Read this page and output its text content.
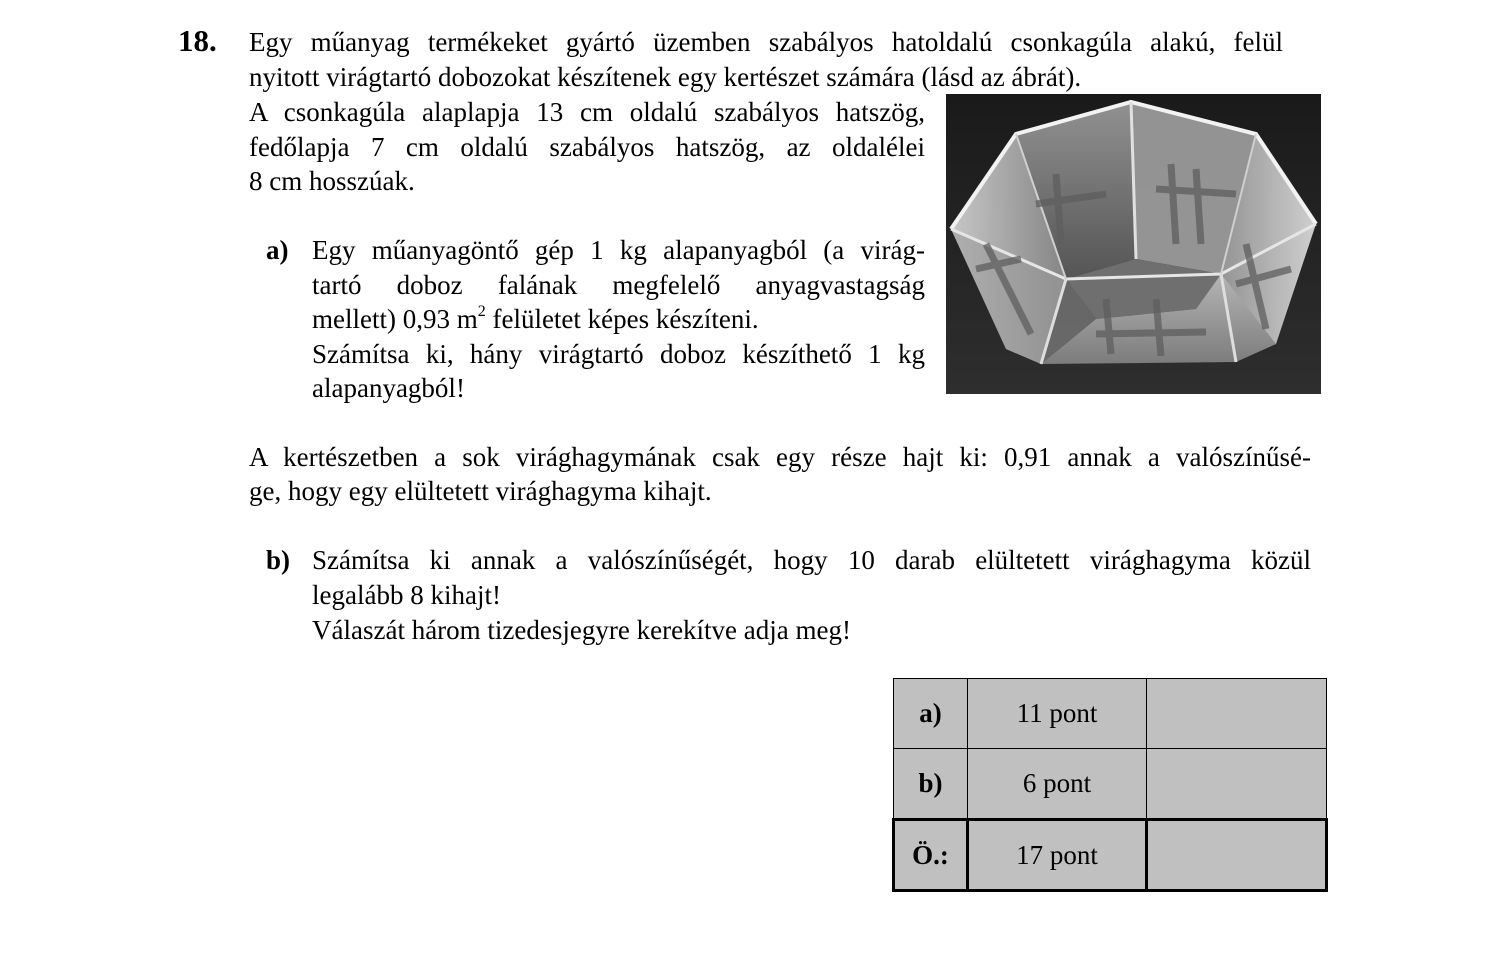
18. Egy műanyag termékeket gyártó üzemben szabályos hatoldalú csonkagúla alakú, felül
nyitott virágtartó dobozokat készítenek egy kertészet számára (lásd az ábrát).
A csonkagúla alaplapja 13 cm oldalú szabályos hatszög,
fedőlapja 7 cm oldalú szabályos hatszög, az oldalélei
8 cm hosszúak.
a) Egy műanyagöntő gép 1 kg alapanyagból (a virág-
tartó doboz falának megfelelő anyagvastagság
mellett) 0,93 $m^2$ felületet képes készíteni.
Számítsa ki, hány virágtartó doboz készíthető 1 kg
alapanyagból!
A kertészetben a sok virághagymának csak egy része hajt ki: 0,91 annak a valószínűsé-
ge, hogy egy elültetett virághagyma kihajt.
b) Számítsa ki annak a valószínűségét, hogy 10 darab elültetett virághagyma közül
legalább 8 kihajt!
Válaszát három tizedesjegyre kerekítve adja meg!
a)	11 pont	
b)	6 pont	
Ö.:	17 pont	
